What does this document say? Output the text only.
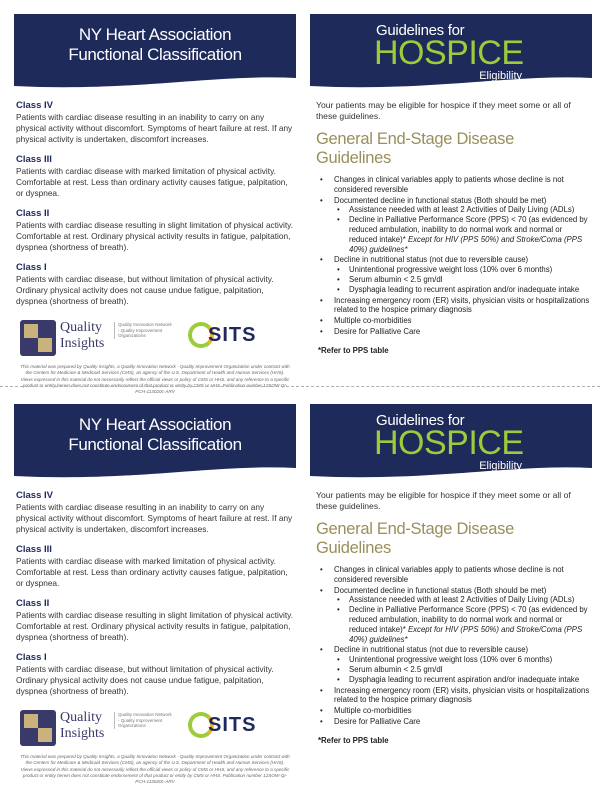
NY Heart Association
Functional Classification
Class IV

Patients with cardiac disease resulting in an inability to carry on any physical activity without discomfort. Symptoms of heart failure at rest. If any physical activity is undertaken, discomfort increases.

Class III

Patients with cardiac disease with marked limitation of physical activity. Comfortable at rest. Less than ordinary activity causes fatigue, palpitation, or dyspnea.

Class II

Patients with cardiac disease resulting in slight limitation of physical activity. Comfortable at rest. Ordinary physical activity results in fatigue, palpitation, dyspnea (shortness of breath).

Class I

Patients with cardiac disease, but without limitation of physical activity. Ordinary physical activity does not cause undue fatigue, palpitation, dyspnea (shortness of breath).

Quality
Insights
Quality Innovation Network - Quality Improvement Organizations	SITS
This material was prepared by Quality Insights, a Quality Innovation Network - Quality Improvement Organization under contract with the Centers for Medicare & Medicaid Services (CMS), an agency of the U.S. Department of Health and Human Services (HHS). Views expressed in this material do not necessarily reflect the official views or policy of CMS or HHS, and any reference to a specific product or entity herein does not constitute endorsement of that product or entity by CMS or HHS. Publication number 12SOW-QI-PCH-113020c-ARV
Guidelines for
HOSPICE
Eligibility

Your patients may be eligible for hospice if they meet some or all of these guidelines.

General End-Stage Disease Guidelines
• Changes in clinical variables apply to patients whose decline is not considered reversible
• Documented decline in functional status (Both should be met)
• Assistance needed with at least 2 Activities of Daily Living (ADLs)
• Decline in Palliative Performance Score (PPS) < 70 (as evidenced by reduced ambulation, inability to do normal work and normal or reduced intake)* Except for HIV (PPS 50%) and Stroke/Coma (PPS 40%) guidelines*
• Decline in nutritional status (not due to reversible cause)
• Unintentional progressive weight loss (10% over 6 months)
• Serum albumin < 2.5 gm/dl
• Dysphagia leading to recurrent aspiration and/or inadequate intake
• Increasing emergency room (ER) visits, physician visits or hospitalizations related to the hospice primary diagnosis
• Multiple co-morbidities
• Desire for Palliative Care
*Refer to PPS table
NY Heart Association
Functional Classification
Class IV

Patients with cardiac disease resulting in an inability to carry on any physical activity without discomfort. Symptoms of heart failure at rest. If any physical activity is undertaken, discomfort increases.

Class III

Patients with cardiac disease with marked limitation of physical activity. Comfortable at rest. Less than ordinary activity causes fatigue, palpitation, or dyspnea.

Class II

Patients with cardiac disease resulting in slight limitation of physical activity. Comfortable at rest. Ordinary physical activity results in fatigue, palpitation, dyspnea (shortness of breath).

Class I

Patients with cardiac disease, but without limitation of physical activity. Ordinary physical activity does not cause undue fatigue, palpitation, dyspnea (shortness of breath).

Quality
Insights
Quality Innovation Network - Quality Improvement Organizations	SITS
This material was prepared by Quality Insights, a Quality Innovation Network - Quality Improvement Organization under contract with the Centers for Medicare & Medicaid Services (CMS), an agency of the U.S. Department of Health and Human Services (HHS). Views expressed in this material do not necessarily reflect the official views or policy of CMS or HHS, and any reference to a specific product or entity herein does not constitute endorsement of that product or entity by CMS or HHS. Publication number 12SOW-QI-PCH-113020c-ARV
Guidelines for
HOSPICE
Eligibility

Your patients may be eligible for hospice if they meet some or all of these guidelines.

General End-Stage Disease Guidelines
• Changes in clinical variables apply to patients whose decline is not considered reversible
• Documented decline in functional status (Both should be met)
• Assistance needed with at least 2 Activities of Daily Living (ADLs)
• Decline in Palliative Performance Score (PPS) < 70 (as evidenced by reduced ambulation, inability to do normal work and normal or reduced intake)* Except for HIV (PPS 50%) and Stroke/Coma (PPS 40%) guidelines*
• Decline in nutritional status (not due to reversible cause)
• Unintentional progressive weight loss (10% over 6 months)
• Serum albumin < 2.5 gm/dl
• Dysphagia leading to recurrent aspiration and/or inadequate intake
• Increasing emergency room (ER) visits, physician visits or hospitalizations related to the hospice primary diagnosis
• Multiple co-morbidities
• Desire for Palliative Care
*Refer to PPS table
